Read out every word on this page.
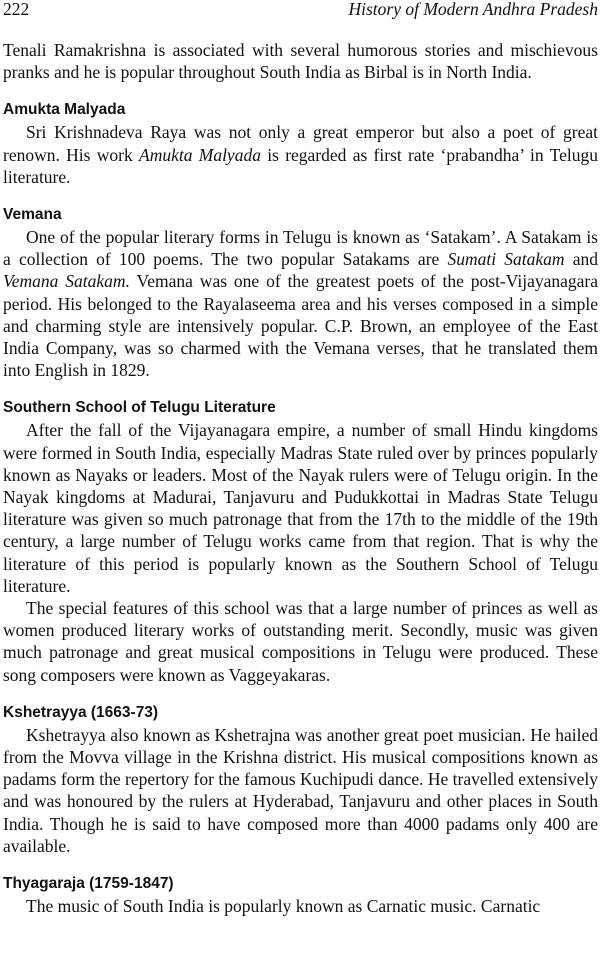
222	History of Modern Andhra Pradesh

Tenali Ramakrishna is associated with several humorous stories and mischievous pranks and he is popular throughout South India as Birbal is in North India.

Amukta Malyada

Sri Krishnadeva Raya was not only a great emperor but also a poet of great renown. His work Amukta Malyada is regarded as first rate ‘prabandha’ in Telugu literature.

Vemana

One of the popular literary forms in Telugu is known as ‘Satakam’. A Satakam is a collection of 100 poems. The two popular Satakams are Sumati Satakam and Vemana Satakam. Vemana was one of the greatest poets of the post-Vijayanagara period. His belonged to the Rayalaseema area and his verses composed in a simple and charming style are intensively popular. C.P. Brown, an employee of the East India Company, was so charmed with the Vemana verses, that he translated them into English in 1829.

Southern School of Telugu Literature

After the fall of the Vijayanagara empire, a number of small Hindu kingdoms were formed in South India, especially Madras State ruled over by princes popularly known as Nayaks or leaders. Most of the Nayak rulers were of Telugu origin. In the Nayak kingdoms at Madurai, Tanjavuru and Pudukkottai in Madras State Telugu literature was given so much patronage that from the 17th to the middle of the 19th century, a large number of Telugu works came from that region. That is why the literature of this period is popularly known as the Southern School of Telugu literature.

The special features of this school was that a large number of princes as well as women produced literary works of outstanding merit. Secondly, music was given much patronage and great musical compositions in Telugu were produced. These song composers were known as Vaggeyakaras.

Kshetrayya (1663-73)

Kshetrayya also known as Kshetrajna was another great poet musician. He hailed from the Movva village in the Krishna district. His musical compositions known as padams form the repertory for the famous Kuchipudi dance. He travelled extensively and was honoured by the rulers at Hyderabad, Tanjavuru and other places in South India. Though he is said to have composed more than 4000 padams only 400 are available.

Thyagaraja (1759-1847)

The music of South India is popularly known as Carnatic music. Carnatic
